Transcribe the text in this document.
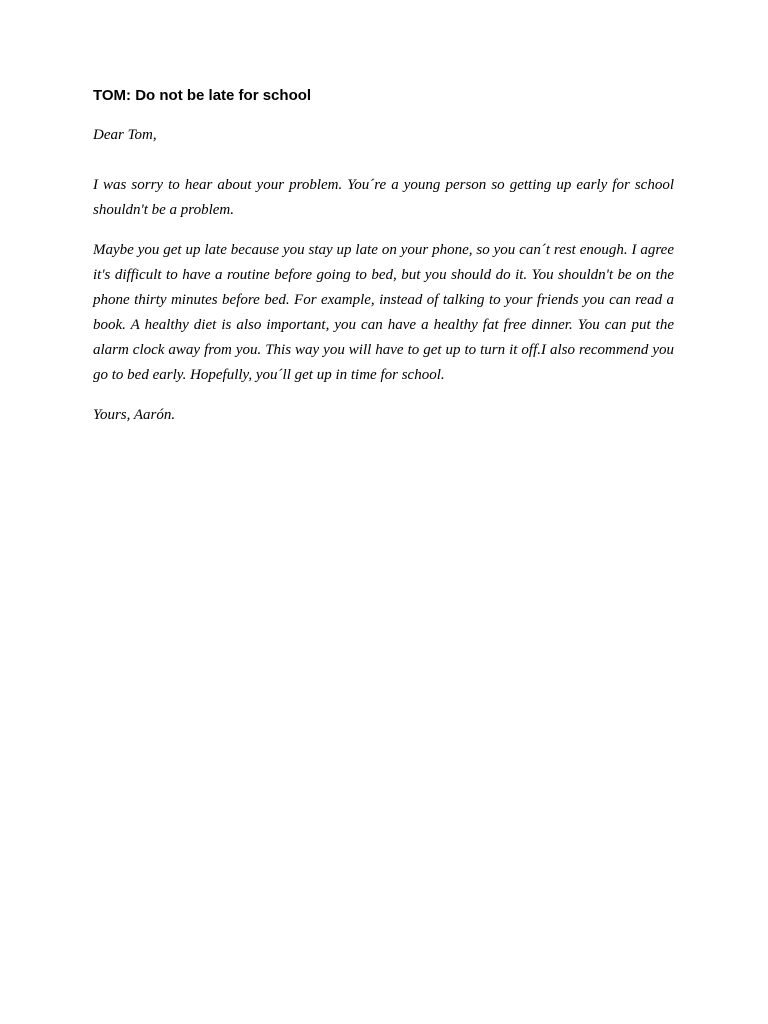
TOM: Do not be late for school

Dear Tom,

I was sorry to hear about your problem. You´re a young person so getting up early for school shouldn't be a problem.

Maybe you get up late because you stay up late on your phone, so you can´t rest enough. I agree it's difficult to have a routine before going to bed, but you should do it. You shouldn't be on the phone thirty minutes before bed. For example, instead of talking to your friends you can read a book. A healthy diet is also important, you can have a healthy fat free dinner. You can put the alarm clock away from you. This way you will have to get up to turn it off.I also recommend you go to bed early. Hopefully, you´ll get up in time for school.

Yours, Aarón.
